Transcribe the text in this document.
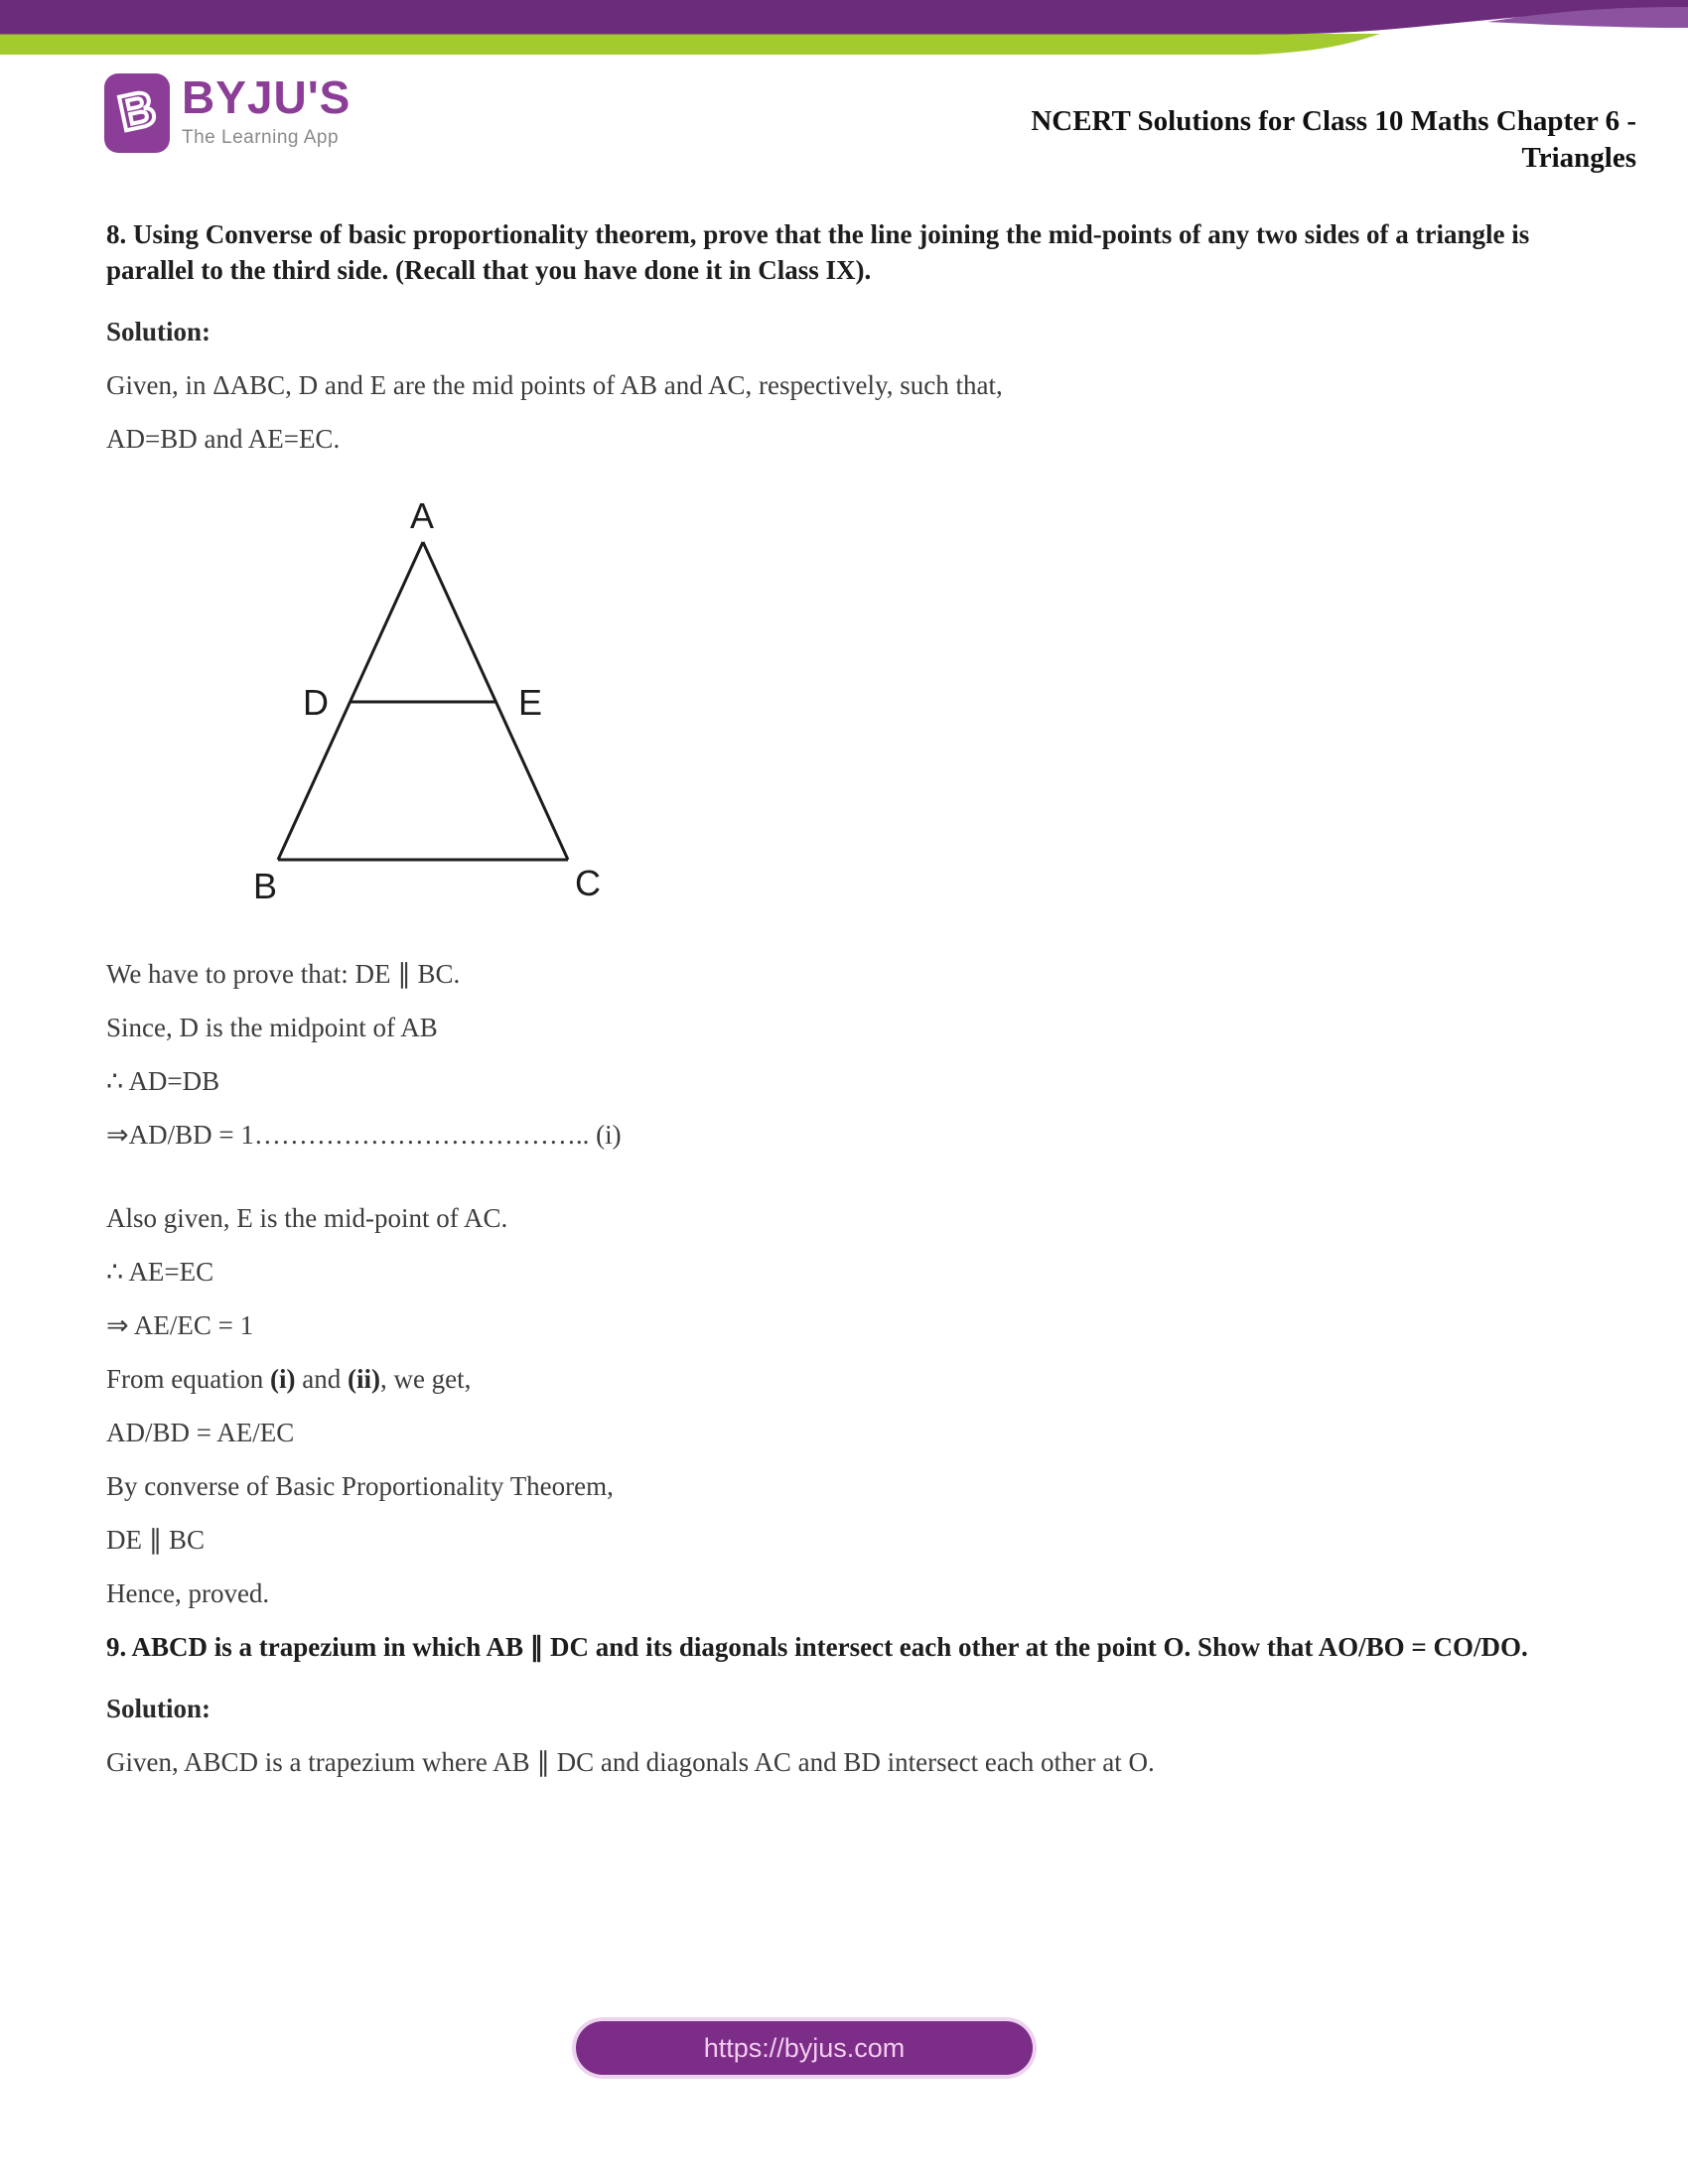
B BYJU'S
The Learning App
NCERT Solutions for Class 10 Maths Chapter 6 -
Triangles

8. Using Converse of basic proportionality theorem, prove that the line joining the mid-points of any two sides of a triangle is parallel to the third side. (Recall that you have done it in Class IX).

Solution:

Given, in ΔABC, D and E are the mid points of AB and AC, respectively, such that,

AD=BD and AE=EC.

A
B	C
D	E

We have to prove that: DE ∥ BC.

Since, D is the midpoint of AB

∴ AD=DB

⇒AD/BD = 1……………………………….. (i)

Also given, E is the mid-point of AC.

∴ AE=EC

⇒ AE/EC = 1

From equation (i) and (ii), we get,

AD/BD = AE/EC

By converse of Basic Proportionality Theorem,

DE ∥ BC

Hence, proved.

9. ABCD is a trapezium in which AB ∥ DC and its diagonals intersect each other at the point O. Show that AO/BO = CO/DO.

Solution:

Given, ABCD is a trapezium where AB ∥ DC and diagonals AC and BD intersect each other at O.

https://byjus.com
